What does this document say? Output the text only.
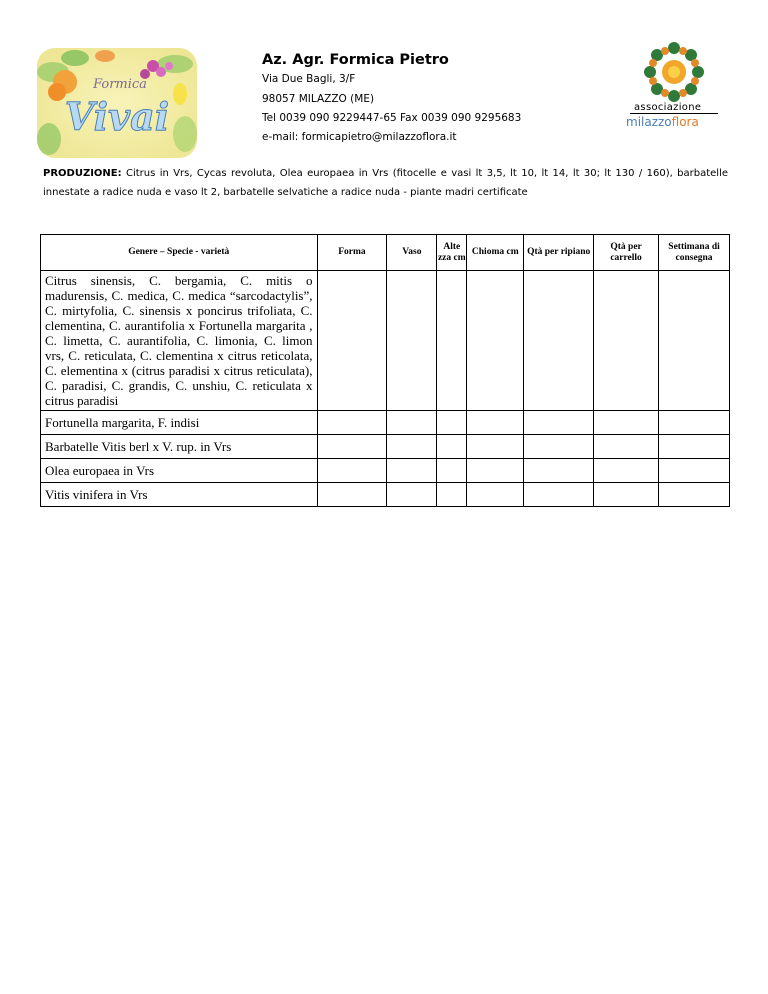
Formica
Vivai

Az. Agr. Formica Pietro

Via Due Bagli, 3/F

98057 MILAZZO (ME)

Tel 0039 090 9229447-65 Fax 0039 090 9295683

e-mail: formicapietro@milazzoflora.it

associazione
milazzoflora
PRODUZIONE: Citrus in Vrs, Cycas revoluta, Olea europaea in Vrs (fitocelle e vasi lt 3,5, lt 10, lt 14, lt 30; lt 130 / 160), barbatelle innestate a radice nuda e vaso lt 2, barbatelle selvatiche a radice nuda - piante madri certificate
Genere – Specie - varietà	Forma	Vaso	Alte zza cm	Chioma cm	Qtà per ripiano	Qtà per carrello	Settimana di consegna
Citrus sinensis, C. bergamia, C. mitis o madurensis, C. medica, C. medica “sarcodactylis”, C. mirtyfolia, C. sinensis x poncirus trifoliata, C. clementina, C. aurantifolia x Fortunella margarita , C. limetta, C. aurantifolia, C. limonia, C. limon vrs, C. reticulata, C. clementina x citrus reticolata, C. elementina x (citrus paradisi x citrus reticulata), C. paradisi, C. grandis, C. unshiu, C. reticulata x citrus paradisi							
Fortunella margarita, F. indisi							
Barbatelle Vitis berl x V. rup. in Vrs							
Olea europaea in Vrs							
Vitis vinifera in Vrs							
